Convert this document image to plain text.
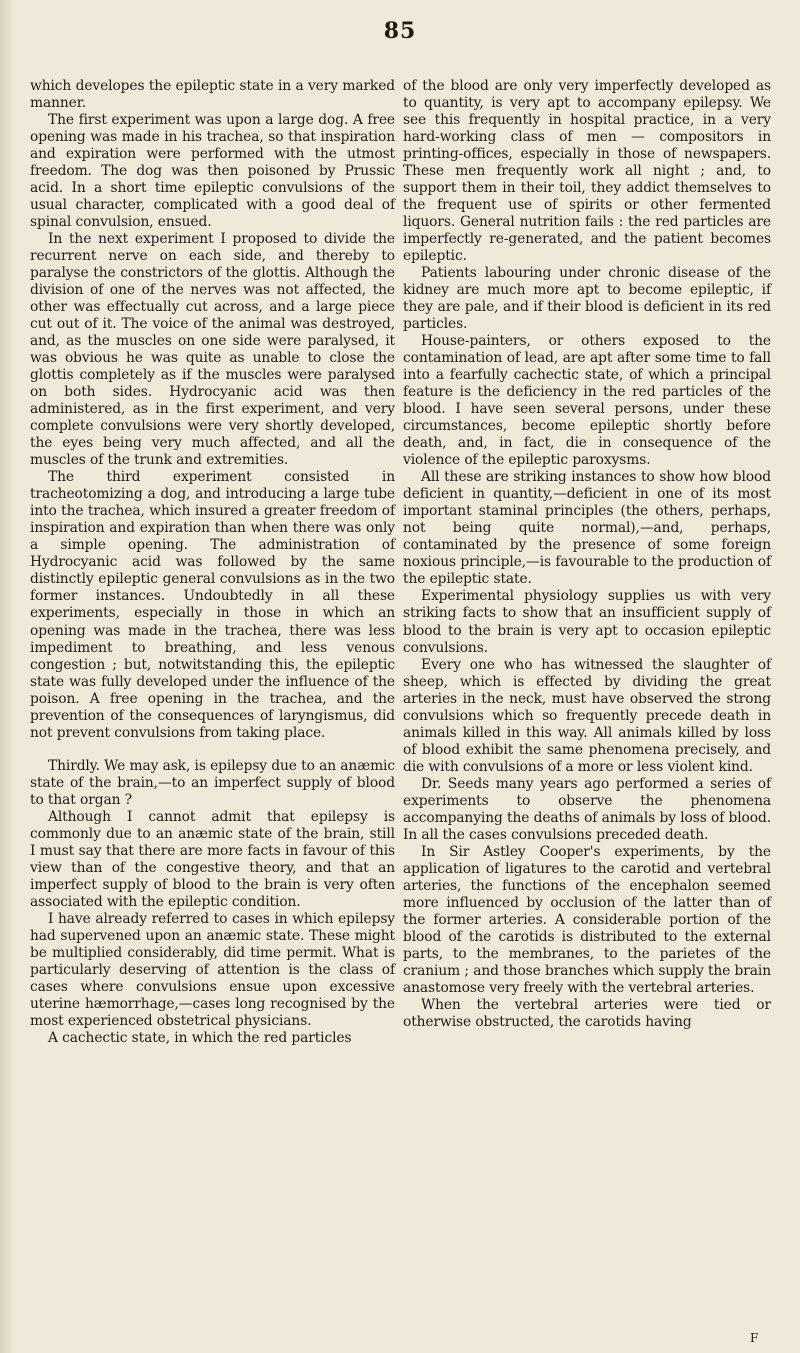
85

which developes the epileptic state in a very marked manner.

The first experiment was upon a large dog. A free opening was made in his trachea, so that inspiration and expiration were performed with the utmost freedom. The dog was then poisoned by Prussic acid. In a short time epileptic convulsions of the usual character, complicated with a good deal of spinal convulsion, ensued.

In the next experiment I proposed to divide the recurrent nerve on each side, and thereby to paralyse the constrictors of the glottis. Although the division of one of the nerves was not affected, the other was effectually cut across, and a large piece cut out of it. The voice of the animal was destroyed, and, as the muscles on one side were paralysed, it was obvious he was quite as unable to close the glottis completely as if the muscles were paralysed on both sides. Hydrocyanic acid was then administered, as in the first experiment, and very complete convulsions were very shortly developed, the eyes being very much affected, and all the muscles of the trunk and extremities.

The third experiment consisted in tracheotomizing a dog, and introducing a large tube into the trachea, which insured a greater freedom of inspiration and expiration than when there was only a simple opening. The administration of Hydrocyanic acid was followed by the same distinctly epileptic general convulsions as in the two former instances. Undoubtedly in all these experiments, especially in those in which an opening was made in the trachea, there was less impediment to breathing, and less venous congestion ; but, notwitstanding this, the epileptic state was fully developed under the influence of the poison. A free opening in the trachea, and the prevention of the consequences of laryngismus, did not prevent convulsions from taking place.

Thirdly. We may ask, is epilepsy due to an anæmic state of the brain,—to an imperfect supply of blood to that organ ?

Although I cannot admit that epilepsy is commonly due to an anæmic state of the brain, still I must say that there are more facts in favour of this view than of the congestive theory, and that an imperfect supply of blood to the brain is very often associated with the epileptic condition.

I have already referred to cases in which epilepsy had supervened upon an anæmic state. These might be multiplied considerably, did time permit. What is particularly deserving of attention is the class of cases where convulsions ensue upon excessive uterine hæmorrhage,—cases long recognised by the most experienced obstetrical physicians.

A cachectic state, in which the red particles

of the blood are only very imperfectly developed as to quantity, is very apt to accompany epilepsy. We see this frequently in hospital practice, in a very hard-working class of men — compositors in printing-offices, especially in those of newspapers. These men frequently work all night ; and, to support them in their toil, they addict themselves to the frequent use of spirits or other fermented liquors. General nutrition fails : the red particles are imperfectly re-generated, and the patient becomes epileptic.

Patients labouring under chronic disease of the kidney are much more apt to become epileptic, if they are pale, and if their blood is deficient in its red particles.

House-painters, or others exposed to the contamination of lead, are apt after some time to fall into a fearfully cachectic state, of which a principal feature is the deficiency in the red particles of the blood. I have seen several persons, under these circumstances, become epileptic shortly before death, and, in fact, die in consequence of the violence of the epileptic paroxysms.

All these are striking instances to show how blood deficient in quantity,—deficient in one of its most important staminal principles (the others, perhaps, not being quite normal),—and, perhaps, contaminated by the presence of some foreign noxious principle,—is favourable to the production of the epileptic state.

Experimental physiology supplies us with very striking facts to show that an insufficient supply of blood to the brain is very apt to occasion epileptic convulsions.

Every one who has witnessed the slaughter of sheep, which is effected by dividing the great arteries in the neck, must have observed the strong convulsions which so frequently precede death in animals killed in this way. All animals killed by loss of blood exhibit the same phenomena precisely, and die with convulsions of a more or less violent kind.

Dr. Seeds many years ago performed a series of experiments to observe the phenomena accompanying the deaths of animals by loss of blood. In all the cases convulsions preceded death.

In Sir Astley Cooper's experiments, by the application of ligatures to the carotid and vertebral arteries, the functions of the encephalon seemed more influenced by occlusion of the latter than of the former arteries. A considerable portion of the blood of the carotids is distributed to the external parts, to the membranes, to the parietes of the cranium ; and those branches which supply the brain anastomose very freely with the vertebral arteries.

When the vertebral arteries were tied or otherwise obstructed, the carotids having

F
